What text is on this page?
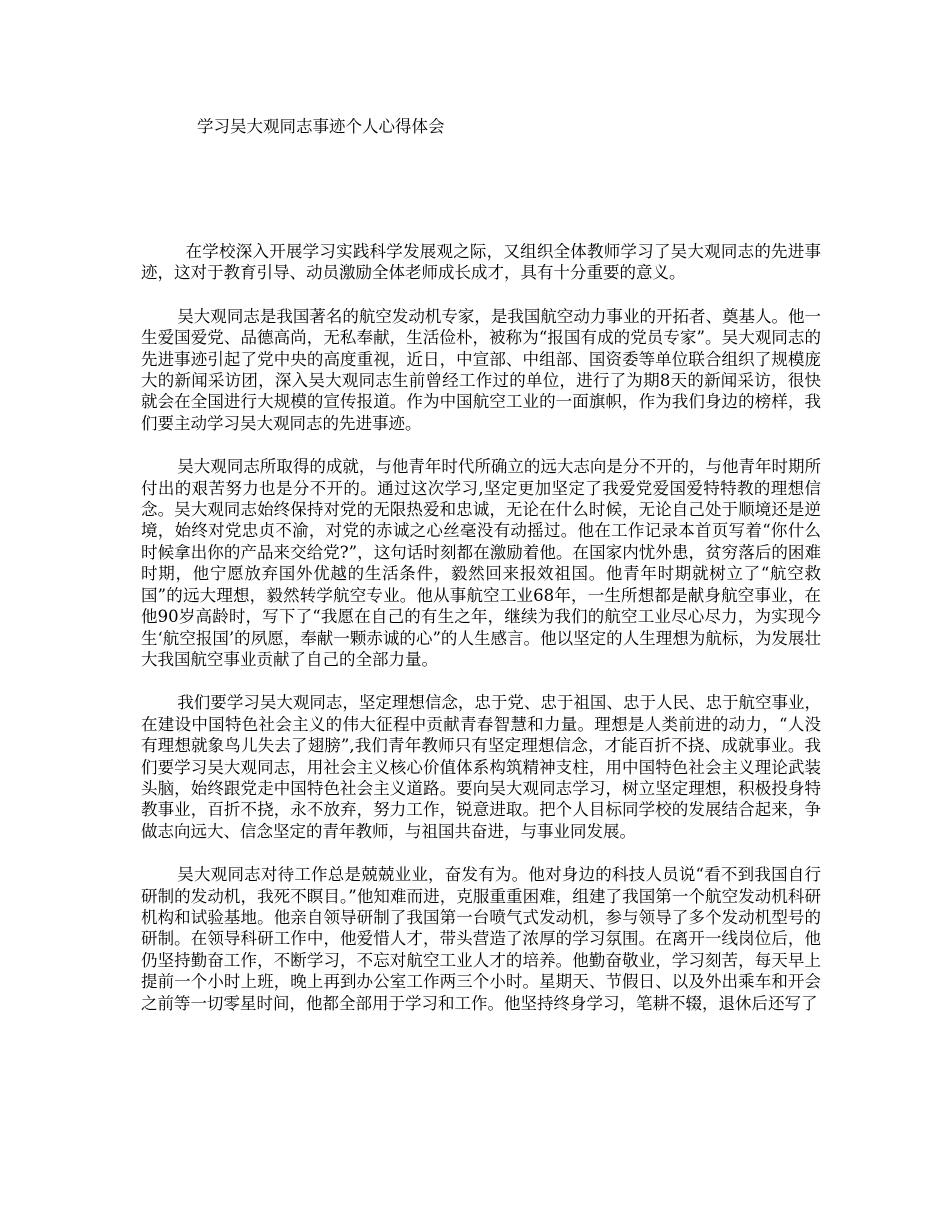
学习吴大观同志事迹个人心得体会

在学校深入开展学习实践科学发展观之际，又组织全体教师学习了吴大观同志的先进事迹，这对于教育引导、动员激励全体老师成长成才，具有十分重要的意义。

吴大观同志是我国著名的航空发动机专家，是我国航空动力事业的开拓者、奠基人。他一生爱国爱党、品德高尚，无私奉献，生活俭朴，被称为“报国有成的党员专家”。吴大观同志的先进事迹引起了党中央的高度重视，近日，中宣部、中组部、国资委等单位联合组织了规模庞大的新闻采访团，深入吴大观同志生前曾经工作过的单位，进行了为期8天的新闻采访，很快就会在全国进行大规模的宣传报道。作为中国航空工业的一面旗帜，作为我们身边的榜样，我们要主动学习吴大观同志的先进事迹。

吴大观同志所取得的成就，与他青年时代所确立的远大志向是分不开的，与他青年时期所付出的艰苦努力也是分不开的。通过这次学习,坚定更加坚定了我爱党爱国爱特特教的理想信念。吴大观同志始终保持对党的无限热爱和忠诚，无论在什么时候，无论自己处于顺境还是逆境，始终对党忠贞不渝，对党的赤诚之心丝毫没有动摇过。他在工作记录本首页写着“你什么时候拿出你的产品来交给党?”，这句话时刻都在激励着他。在国家内忧外患，贫穷落后的困难时期，他宁愿放弃国外优越的生活条件，毅然回来报效祖国。他青年时期就树立了“航空救国”的远大理想，毅然转学航空专业。他从事航空工业68年，一生所想都是献身航空事业，在他90岁高龄时，写下了“我愿在自己的有生之年，继续为我们的航空工业尽心尽力，为实现今生‘航空报国’的夙愿，奉献一颗赤诚的心”的人生感言。他以坚定的人生理想为航标，为发展壮大我国航空事业贡献了自己的全部力量。

我们要学习吴大观同志，坚定理想信念，忠于党、忠于祖国、忠于人民、忠于航空事业，在建设中国特色社会主义的伟大征程中贡献青春智慧和力量。理想是人类前进的动力，“人没有理想就象鸟儿失去了翅膀”,我们青年教师只有坚定理想信念，才能百折不挠、成就事业。我们要学习吴大观同志，用社会主义核心价值体系构筑精神支柱，用中国特色社会主义理论武装头脑，始终跟党走中国特色社会主义道路。要向吴大观同志学习，树立坚定理想，积极投身特教事业，百折不挠，永不放弃，努力工作，锐意进取。把个人目标同学校的发展结合起来，争做志向远大、信念坚定的青年教师，与祖国共奋进，与事业同发展。

吴大观同志对待工作总是兢兢业业，奋发有为。他对身边的科技人员说“看不到我国自行研制的发动机，我死不瞑目。”他知难而进，克服重重困难，组建了我国第一个航空发动机科研机构和试验基地。他亲自领导研制了我国第一台喷气式发动机，参与领导了多个发动机型号的研制。在领导科研工作中，他爱惜人才，带头营造了浓厚的学习氛围。在离开一线岗位后，他仍坚持勤奋工作，不断学习，不忘对航空工业人才的培养。他勤奋敬业，学习刻苦，每天早上提前一个小时上班，晚上再到办公室工作两三个小时。星期天、节假日、以及外出乘车和开会之前等一切零星时间，他都全部用于学习和工作。他坚持终身学习，笔耕不辍，退休后还写了
